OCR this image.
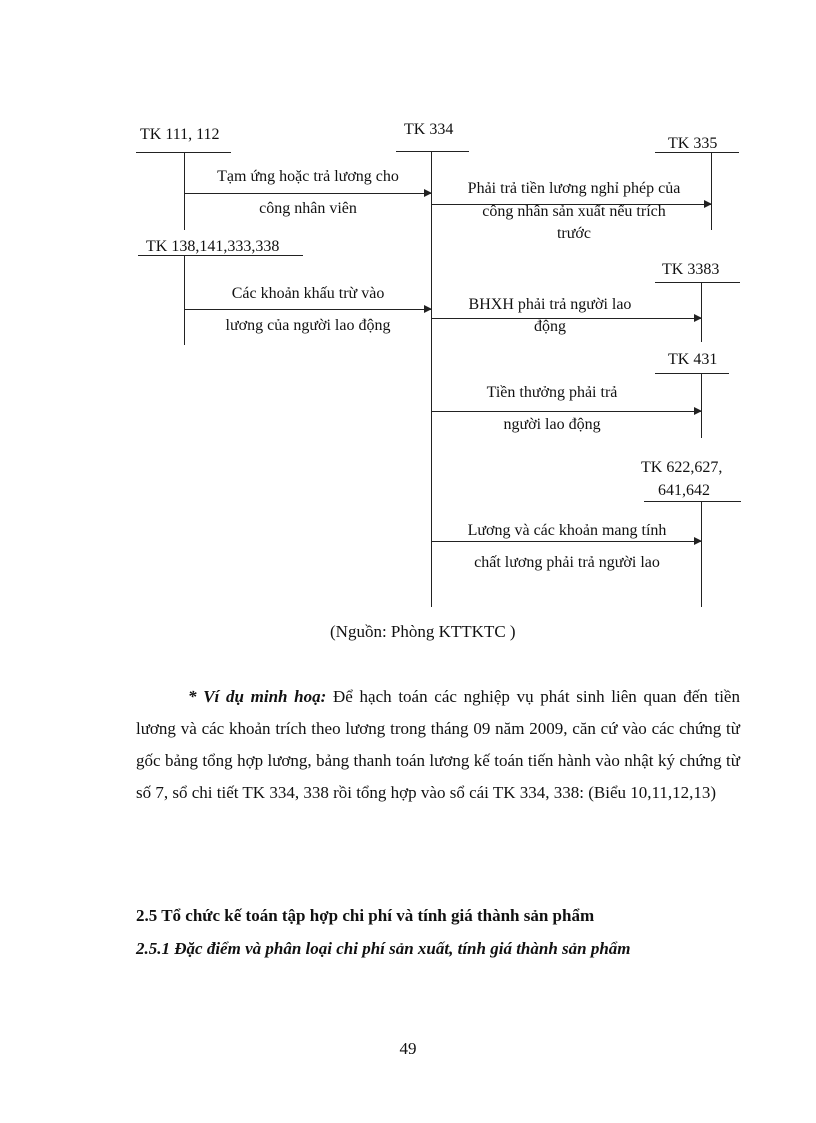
TK 111, 112	TK 334
TK 335
Tạm ứng hoặc trả lương cho
công nhân viên
Phải trả tiền lương nghỉ phép của
công nhân sản xuất nếu trích
trước
TK 138,141,333,338
TK 3383
Các khoản khấu trừ vào
lương của người lao động
BHXH phải trả người lao
động
TK 431
Tiền thưởng phải trả
người lao động
TK 622,627,
641,642
Lương và các khoản mang tính
chất lương phải trả người lao
(Nguồn: Phòng KTTKTC )
* Ví dụ minh hoạ: Để hạch toán các nghiệp vụ phát sinh liên quan đến tiền lương và các khoản trích theo lương trong tháng 09 năm 2009, căn cứ vào các chứng từ gốc bảng tổng hợp lương, bảng thanh toán lương kế toán tiến hành vào nhật ký chứng từ số 7, sổ chi tiết TK 334, 338 rồi tổng hợp vào sổ cái TK 334, 338: (Biểu 10,11,12,13)
2.5 Tổ chức kế toán tập hợp chi phí và tính giá thành sản phẩm
2.5.1 Đặc điểm và phân loại chi phí sản xuất, tính giá thành sản phẩm
49
